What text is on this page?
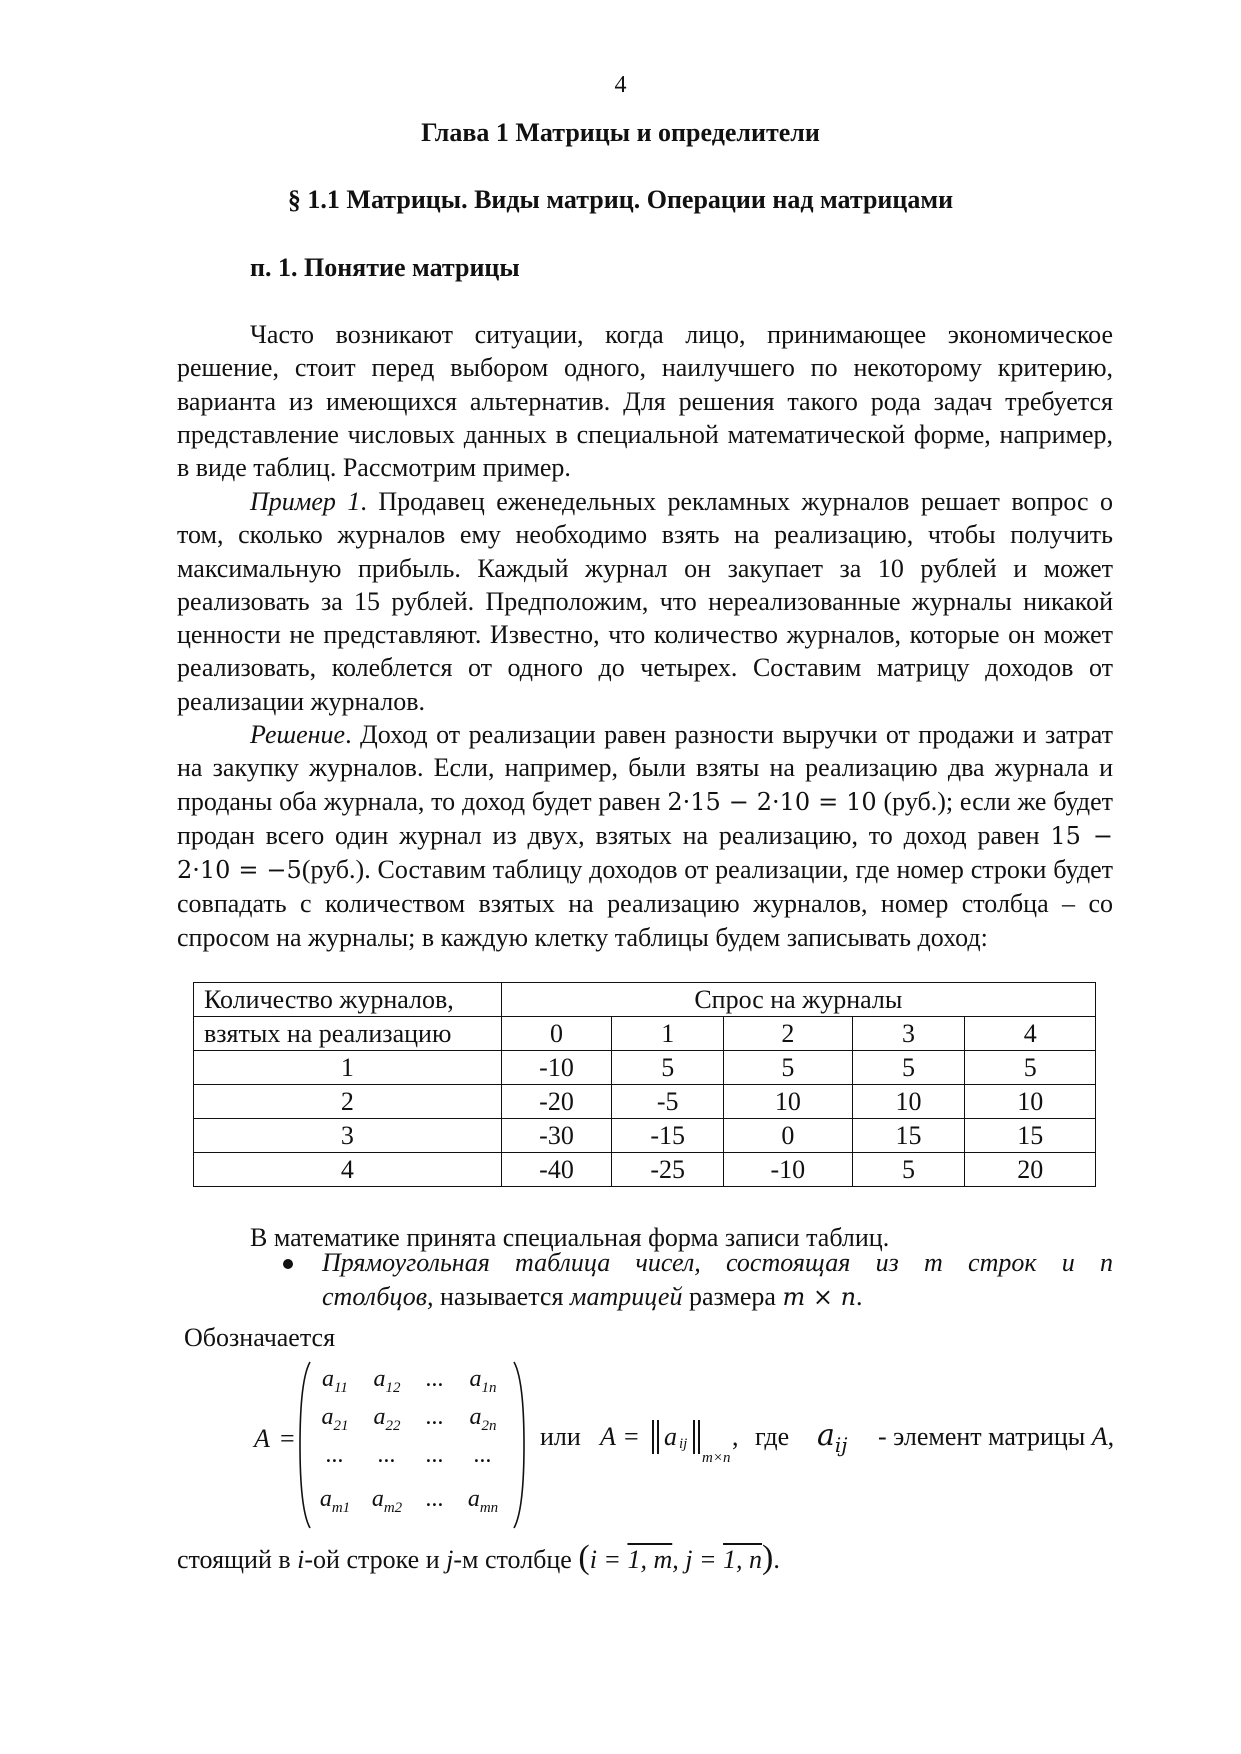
4
Глава 1 Матрицы и определители
§ 1.1 Матрицы. Виды матриц. Операции над матрицами
п. 1. Понятие матрицы

Часто возникают ситуации, когда лицо, принимающее экономическое решение, стоит перед выбором одного, наилучшего по некоторому критерию, варианта из имеющихся альтернатив. Для решения такого рода задач требуется представление числовых данных в специальной математической форме, например, в виде таблиц. Рассмотрим пример.

Пример 1. Продавец еженедельных рекламных журналов решает вопрос о том, сколько журналов ему необходимо взять на реализацию, чтобы получить максимальную прибыль. Каждый журнал он закупает за 10 рублей и может реализовать за 15 рублей. Предположим, что нереализованные журналы никакой ценности не представляют. Известно, что количество журналов, которые он может реализовать, колеблется от одного до четырех. Составим матрицу доходов от реализации журналов.

Решение. Доход от реализации равен разности выручки от продажи и затрат на закупку журналов. Если, например, были взяты на реализацию два журнала и проданы оба журнала, то доход будет равен 2·15 − 2·10 = 10 (руб.); если же будет продан всего один журнал из двух, взятых на реализацию, то доход равен 15 − 2·10 = −5(руб.). Составим таблицу доходов от реализации, где номер строки будет совпадать с количеством взятых на реализацию журналов, номер столбца – со спросом на журналы; в каждую клетку таблицы будем записывать доход:

Количество журналов,	Спрос на журналы				
взятых на реализацию	0	1	2	3	4
1	-10	5	5	5	5
2	-20	-5	10	10	10
3	-30	-15	0	15	15
4	-40	-25	-10	5	20
В математике принята специальная форма записи таблиц.
Прямоугольная таблица чисел, состоящая из m строк и n
столбцов, называется матрицей размера m × n.
Обозначается
A =
$a_{11}$	$a_{12}$	...	$a_{1n}$
$a_{21}$	$a_{22}$	...	$a_{2n}$
...	...	...	...
$a_{m1}$ $a_{m2}$ ... $a_{mn}$
или A = ‖ a ij ‖
m×n
, где $a_{ij}$ - элемент матрицы A,
стоящий в i-ой строке и j-м столбце (i = 1, m, j = 1, n).
